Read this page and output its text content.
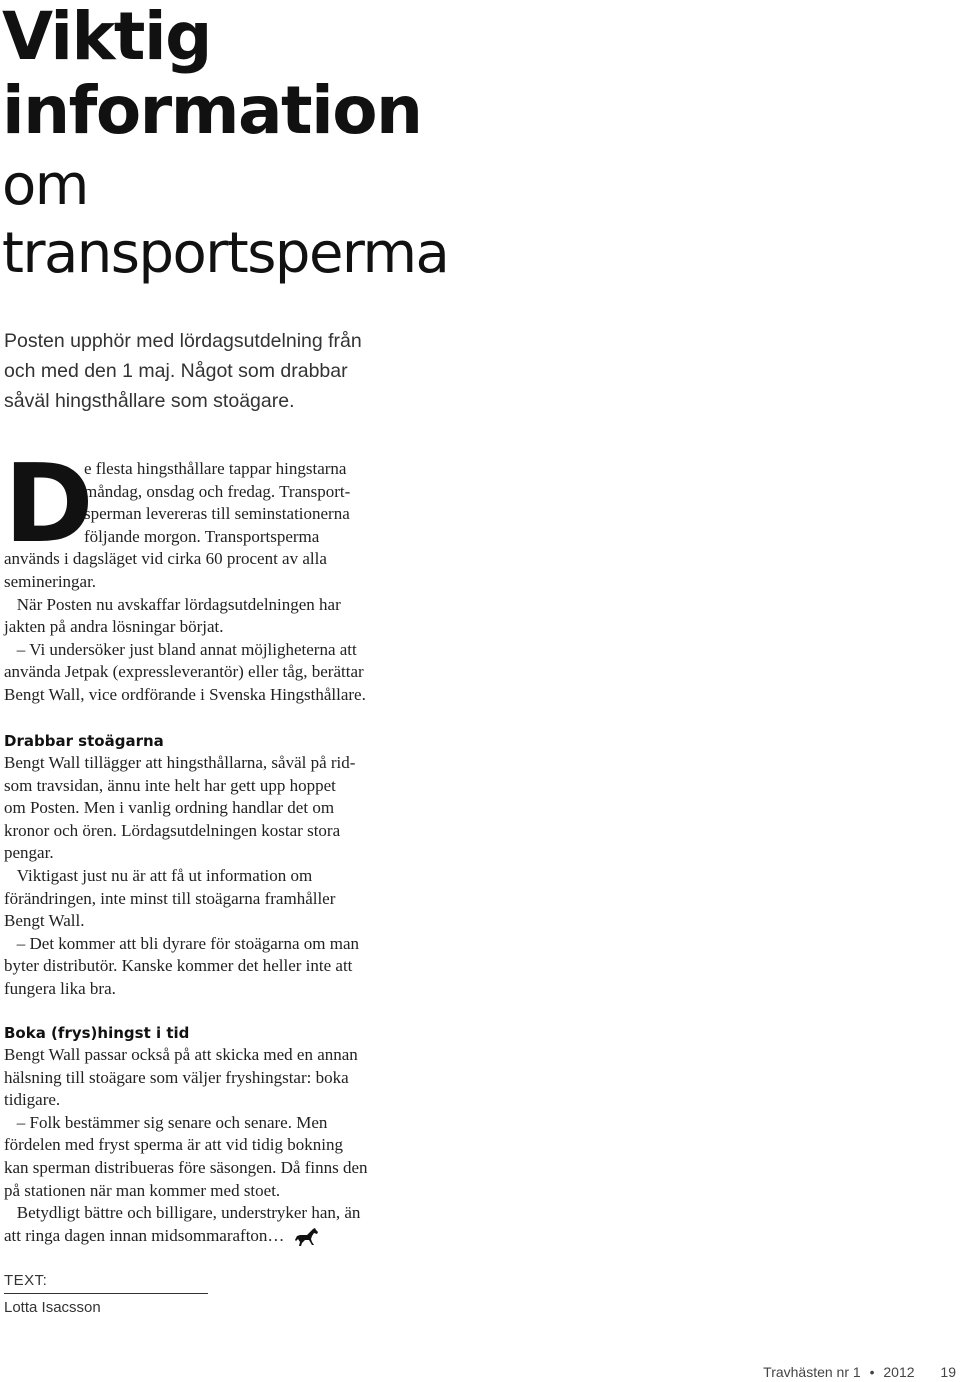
Viktig
information
om
transportsperma
Posten upphör med lördagsutdelning från
och med den 1 maj. Något som drabbar
såväl hingsthållare som stoägare.
D
e flesta hingsthållare tappar hingstarna
måndag, onsdag och fredag. Transport-
sperman levereras till seminstationerna
följande morgon. Transportsperma
används i dagsläget vid cirka 60 procent av alla
semineringar.
När Posten nu avskaffar lördagsutdelningen har
jakten på andra lösningar börjat.
– Vi undersöker just bland annat möjligheterna att
använda Jetpak (expressleverantör) eller tåg, berättar
Bengt Wall, vice ordförande i Svenska Hingsthållare.
Drabbar stoägarna
Bengt Wall tillägger att hingsthållarna, såväl på rid-
som travsidan, ännu inte helt har gett upp hoppet
om Posten. Men i vanlig ordning handlar det om
kronor och ören. Lördagsutdelningen kostar stora
pengar.
Viktigast just nu är att få ut information om
förändringen, inte minst till stoägarna framhåller
Bengt Wall.
– Det kommer att bli dyrare för stoägarna om man
byter distributör. Kanske kommer det heller inte att
fungera lika bra.
Boka (frys)hingst i tid
Bengt Wall passar också på att skicka med en annan
hälsning till stoägare som väljer fryshingstar: boka
tidigare.
– Folk bestämmer sig senare och senare. Men
fördelen med fryst sperma är att vid tidig bokning
kan sperman distribueras före säsongen. Då finns den
på stationen när man kommer med stoet.
Betydligt bättre och billigare, understryker han, än
att ringa dagen innan midsommarafton…
TEXT:
Lotta Isacsson
Travhästen nr 1 • 2012 19
